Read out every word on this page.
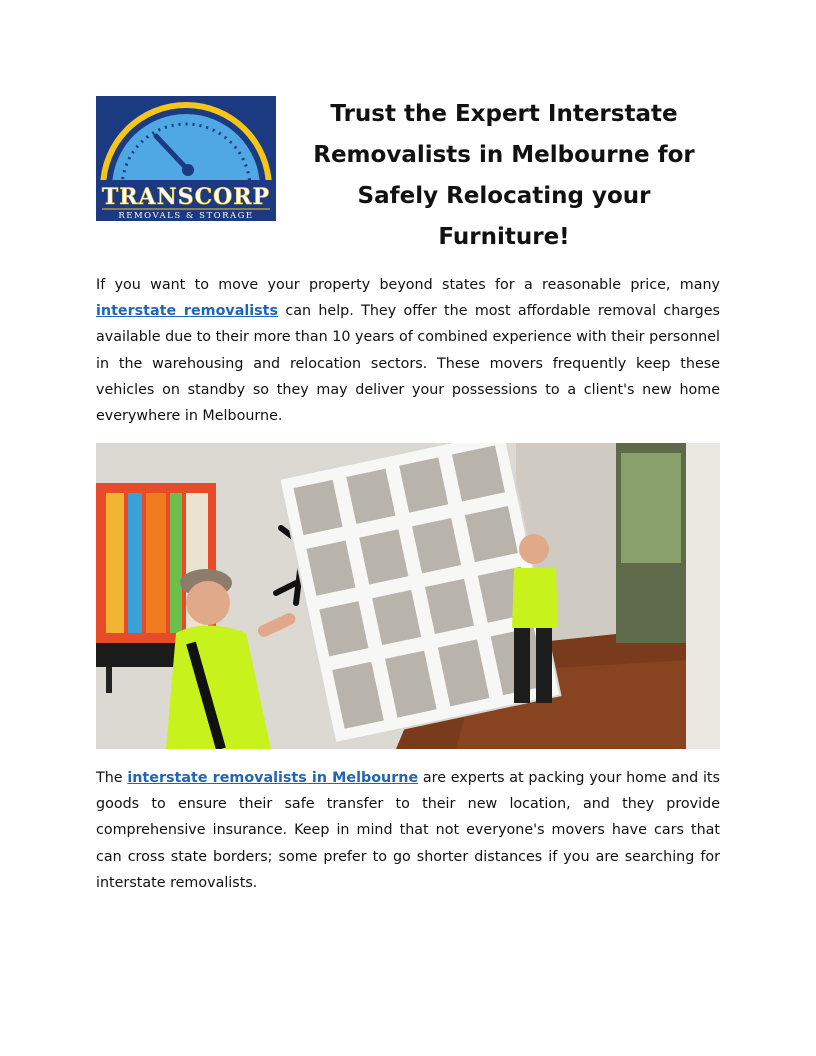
TRANSCORP
REMOVALS & STORAGE
Trust the Expert Interstate
Removalists in Melbourne for
Safely Relocating your Furniture!
If you want to move your property beyond states for a reasonable price, many interstate removalists can help. They offer the most affordable removal charges available due to their more than 10 years of combined experience with their personnel in the warehousing and relocation sectors. These movers frequently keep these vehicles on standby so they may deliver your possessions to a client's new home everywhere in Melbourne.
The interstate removalists in Melbourne are experts at packing your home and its goods to ensure their safe transfer to their new location, and they provide comprehensive insurance. Keep in mind that not everyone's movers have cars that can cross state borders; some prefer to go shorter distances if you are searching for interstate removalists.
